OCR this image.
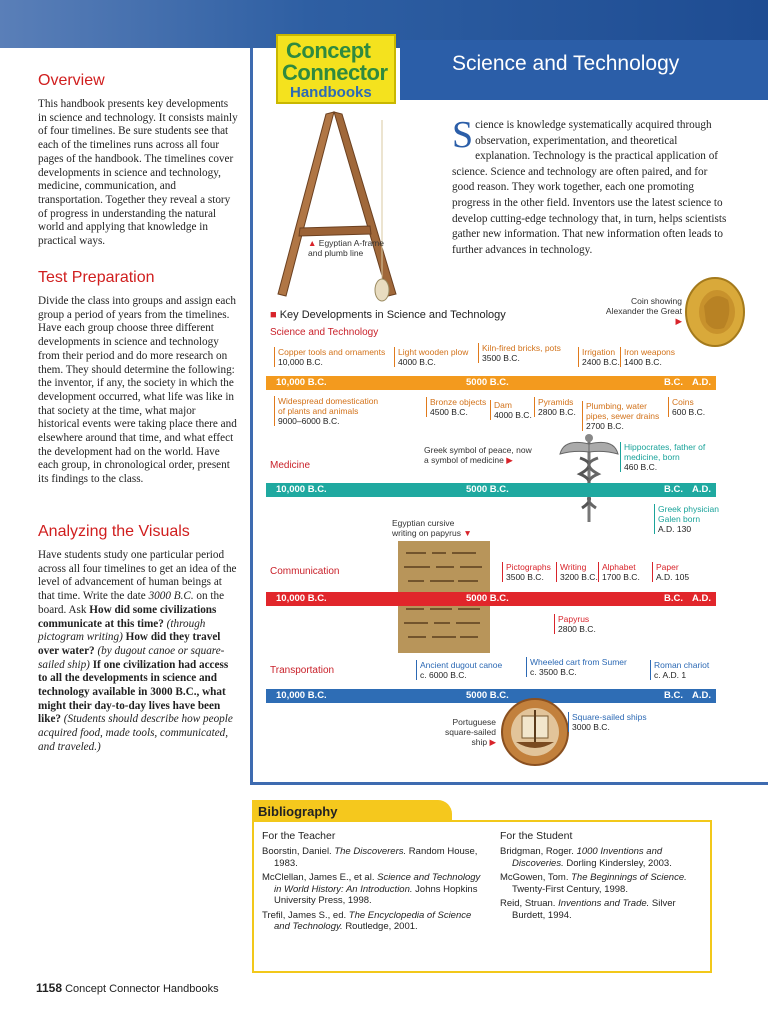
Science and Technology
Concept
Connector
Handbooks
Overview
This handbook presents key developments in science and technology. It consists mainly of four timelines. Be sure students see that each of the timelines runs across all four pages of the handbook. The timelines cover developments in science and technology, medicine, communication, and transportation. Together they reveal a story of progress in understanding the natural world and applying that knowledge in practical ways.
Test Preparation
Divide the class into groups and assign each group a period of years from the timelines. Have each group choose three different developments in science and technology from their period and do more research on them. They should determine the following: the inventor, if any, the society in which the development occurred, what life was like in that society at the time, what major historical events were taking place there and elsewhere around that time, and what effect the development had on the world. Have each group, in chronological order, present its findings to the class.
Analyzing the Visuals
Have students study one particular period across all four timelines to get an idea of the level of advancement of human beings at that time. Write the date 3000 B.C. on the board. Ask How did some civilizations communicate at this time? (through pictogram writing) How did they travel over water? (by dugout canoe or square-sailed ship) If one civilization had access to all the developments in science and technology available in 3000 B.C., what might their day-to-day lives have been like? (Students should describe how people acquired food, made tools, communicated, and traveled.)
Science is knowledge systematically acquired through observation, experimentation, and theoretical explanation. Technology is the practical application of science. Science and technology are often paired, and for good reason. They work together, each one promoting progress in the other field. Inventors use the latest science to develop cutting-edge technology that, in turn, helps scientists gather new information. That new information often leads to further advances in technology.
▲ Egyptian A-frame and plumb line
Coin showing Alexander the Great ▶
■ Key Developments in Science and Technology
Science and Technology
Copper tools and ornaments
10,000 B.C.
Light wooden plow
4000 B.C.
Kiln-fired bricks, pots
3500 B.C.
Irrigation
2400 B.C.
Iron weapons
1400 B.C.
10,000 B.C.	5000 B.C.	B.C. A.D.
Widespread domestication of plants and animals
9000–6000 B.C.
Bronze objects
4500 B.C.
Dam
4000 B.C.
Pyramids
2800 B.C.
Plumbing, water pipes, sewer drains
2700 B.C.
Coins
600 B.C.
Greek symbol of peace, now a symbol of medicine ▶
Hippocrates, father of medicine, born
460 B.C.
Medicine
10,000 B.C.	5000 B.C.	B.C. A.D.
Greek physician Galen born
A.D. 130
Egyptian cursive writing on papyrus ▼
Pictographs
3500 B.C.
Writing
3200 B.C.
Alphabet
1700 B.C.
Paper
A.D. 105
Communication
10,000 B.C.	5000 B.C.	B.C. A.D.
Papyrus
2800 B.C.
Ancient dugout canoe
c. 6000 B.C.
Wheeled cart from Sumer
c. 3500 B.C.
Roman chariot
c. A.D. 1
Transportation
10,000 B.C.	5000 B.C.	B.C. A.D.
Portuguese square-sailed ship ▶
Square-sailed ships
3000 B.C.
Bibliography
For the Teacher
Boorstin, Daniel. The Discoverers. Random House, 1983.
McClellan, James E., et al. Science and Technology in World History: An Introduction. Johns Hopkins University Press, 1998.
Trefil, James S., ed. The Encyclopedia of Science and Technology. Routledge, 2001.
For the Student
Bridgman, Roger. 1000 Inventions and Discoveries. Dorling Kindersley, 2003.
McGowen, Tom. The Beginnings of Science. Twenty-First Century, 1998.
Reid, Struan. Inventions and Trade. Silver Burdett, 1994.
1158 Concept Connector Handbooks
